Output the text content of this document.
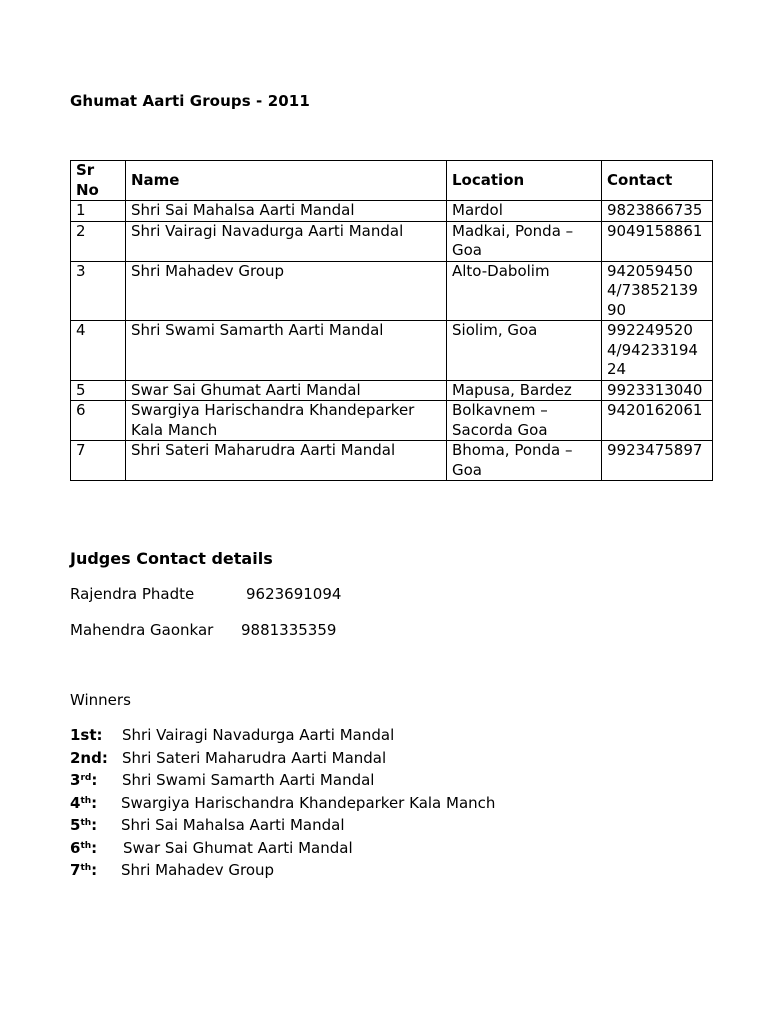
Ghumat Aarti Groups - 2011
Sr No	Name	Location	Contact
1	Shri Sai Mahalsa Aarti Mandal	Mardol	9823866735
2	Shri Vairagi Navadurga Aarti Mandal	Madkai, Ponda – Goa	9049158861
3	Shri Mahadev Group	Alto-Dabolim	9420594504/7385213990
4	Shri Swami Samarth Aarti Mandal	Siolim, Goa	9922495204/9423319424
5	Swar Sai Ghumat Aarti Mandal	Mapusa, Bardez	9923313040
6	Swargiya Harischandra Khandeparker Kala Manch	Bolkavnem – Sacorda Goa	9420162061
7	Shri Sateri Maharudra Aarti Mandal	Bhoma, Ponda – Goa	9923475897
Judges Contact details
Rajendra Phadte	9623691094
Mahendra Gaonkar 9881335359
Winners
1st: Shri Vairagi Navadurga Aarti Mandal
2nd: Shri Sateri Maharudra Aarti Mandal
3rd: Shri Swami Samarth Aarti Mandal
4th: Swargiya Harischandra Khandeparker Kala Manch
5th: Shri Sai Mahalsa Aarti Mandal
6th: Swar Sai Ghumat Aarti Mandal
7th: Shri Mahadev Group
